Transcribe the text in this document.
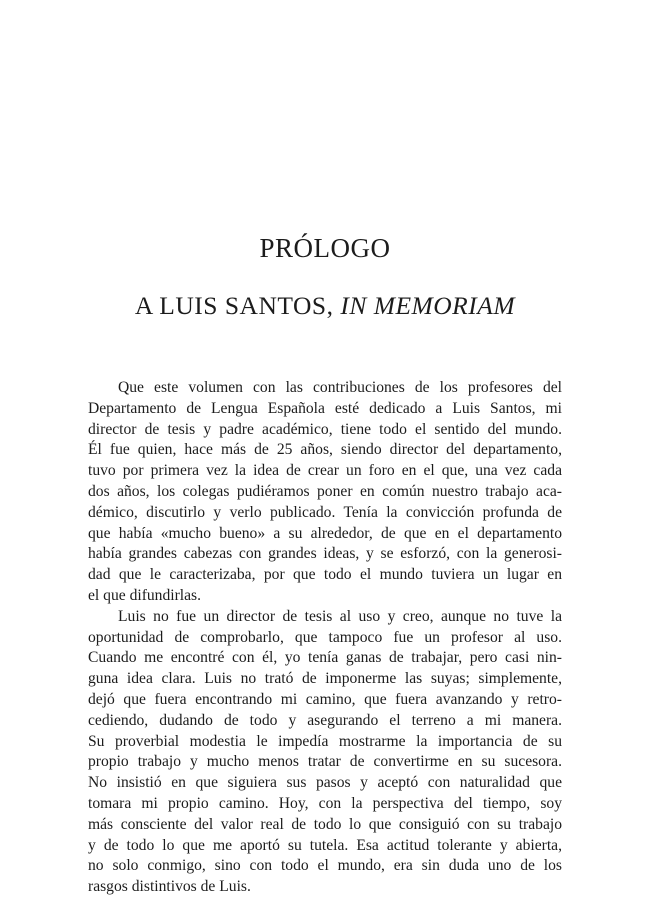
PRÓLOGO
A LUIS SANTOS, IN MEMORIAM
Que este volumen con las contribuciones de los profesores del
Departamento de Lengua Española esté dedicado a Luis Santos, mi
director de tesis y padre académico, tiene todo el sentido del mundo.
Él fue quien, hace más de 25 años, siendo director del departamento,
tuvo por primera vez la idea de crear un foro en el que, una vez cada
dos años, los colegas pudiéramos poner en común nuestro trabajo aca-
démico, discutirlo y verlo publicado. Tenía la convicción profunda de
que había «mucho bueno» a su alrededor, de que en el departamento
había grandes cabezas con grandes ideas, y se esforzó, con la generosi-
dad que le caracterizaba, por que todo el mundo tuviera un lugar en
el que difundirlas.
Luis no fue un director de tesis al uso y creo, aunque no tuve la
oportunidad de comprobarlo, que tampoco fue un profesor al uso.
Cuando me encontré con él, yo tenía ganas de trabajar, pero casi nin-
guna idea clara. Luis no trató de imponerme las suyas; simplemente,
dejó que fuera encontrando mi camino, que fuera avanzando y retro-
cediendo, dudando de todo y asegurando el terreno a mi manera.
Su proverbial modestia le impedía mostrarme la importancia de su
propio trabajo y mucho menos tratar de convertirme en su sucesora.
No insistió en que siguiera sus pasos y aceptó con naturalidad que
tomara mi propio camino. Hoy, con la perspectiva del tiempo, soy
más consciente del valor real de todo lo que consiguió con su trabajo
y de todo lo que me aportó su tutela. Esa actitud tolerante y abierta,
no solo conmigo, sino con todo el mundo, era sin duda uno de los
rasgos distintivos de Luis.
